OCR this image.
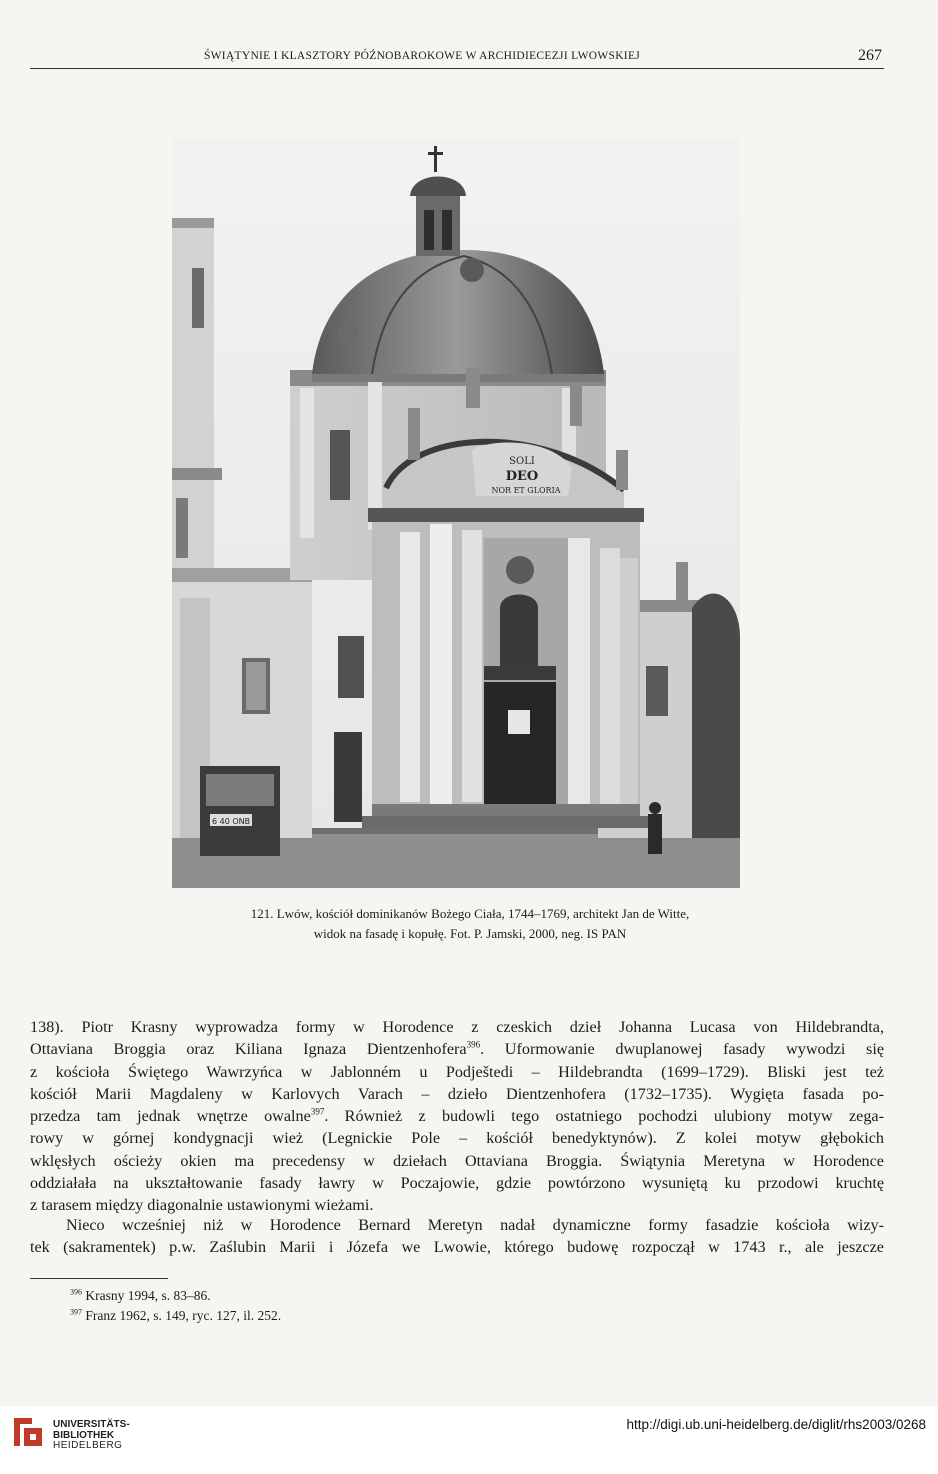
ŚWIĄTYNIE I KLASZTORY PÓŹNOBAROKOWE W ARCHIDIECEZJI LWOWSKIEJ	267
6 40 ONB
SOLI
DEO
NOR ET GLORIA
121. Lwów, kościół dominikanów Bożego Ciała, 1744–1769, architekt Jan de Witte,
widok na fasadę i kopułę. Fot. P. Jamski, 2000, neg. IS PAN
138). Piotr Krasny wyprowadza formy w Horodence z czeskich dzieł Johanna Lucasa von Hildebrandta,
Ottaviana Broggia oraz Kiliana Ignaza Dientzenhofera$^{396}$. Uformowanie dwuplanowej fasady wywodzi się
z kościoła Świętego Wawrzyńca w Jablonném u Podještedi – Hildebrandta (1699–1729). Bliski jest też
kościół Marii Magdaleny w Karlovych Varach – dzieło Dientzenhofera (1732–1735). Wygięta fasada po-
przedza tam jednak wnętrze owalne$^{397}$. Również z budowli tego ostatniego pochodzi ulubiony motyw zega-
rowy w górnej kondygnacji wież (Legnickie Pole – kościół benedyktynów). Z kolei motyw głębokich
wklęsłych ościeży okien ma precedensy w dziełach Ottaviana Broggia. Świątynia Meretyna w Horodence
oddziałała na ukształtowanie fasady ławry w Poczajowie, gdzie powtórzono wysuniętą ku przodowi kruchtę
z tarasem między diagonalnie ustawionymi wieżami.
Nieco wcześniej niż w Horodence Bernard Meretyn nadał dynamiczne formy fasadzie kościoła wizy-
tek (sakramentek) p.w. Zaślubin Marii i Józefa we Lwowie, którego budowę rozpoczął w 1743 r., ale jeszcze
$^{396}$ Krasny 1994, s. 83–86.
$^{397}$ Franz 1962, s. 149, ryc. 127, il. 252.
UNIVERSITÄTS-
BIBLIOTHEK
HEIDELBERG
http://digi.ub.uni-heidelberg.de/diglit/rhs2003/0268
